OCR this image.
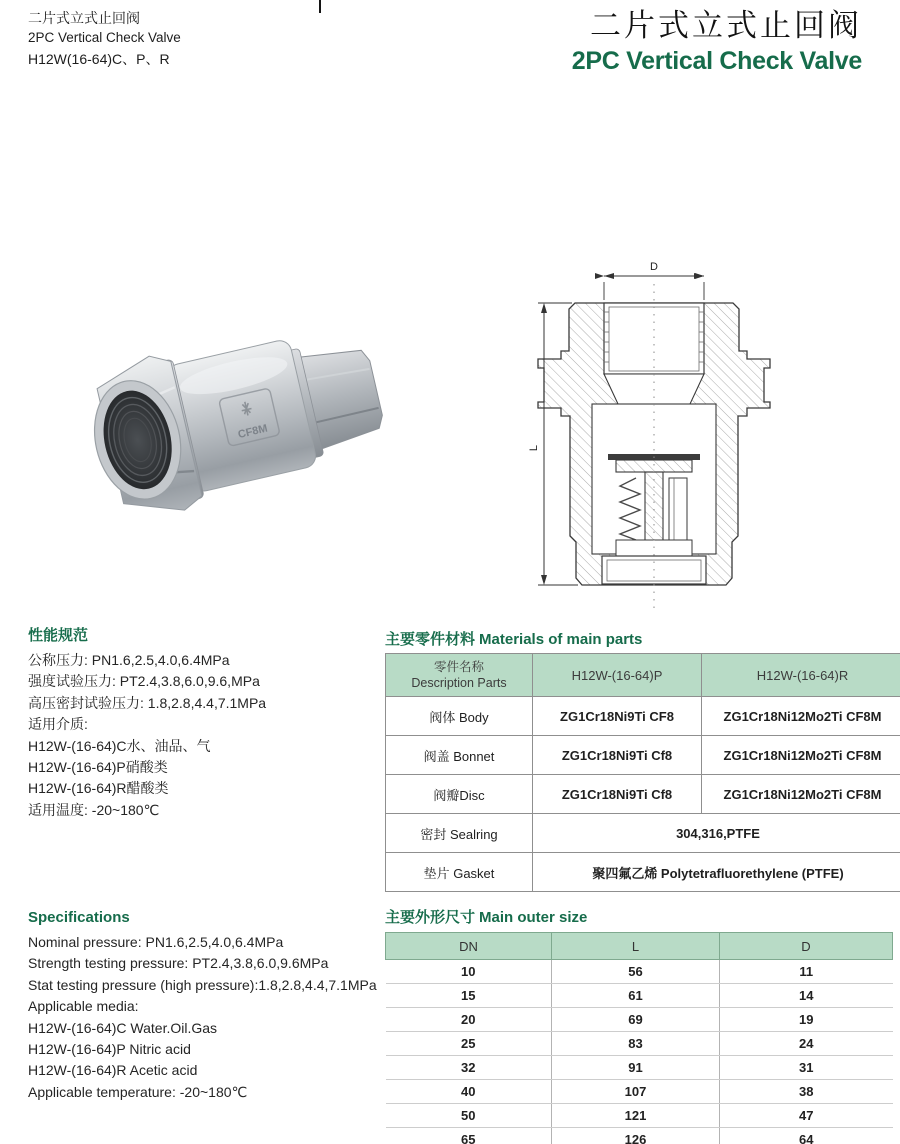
二片式立式止回阀
2PC Vertical Check Valve
H12W(16-64)C、P、R
二片式立式止回阀
2PC Vertical Check Valve
CF8M
D
L
性能规范
公称压力: PN1.6,2.5,4.0,6.4MPa
强度试验压力: PT2.4,3.8,6.0,9.6,MPa
高压密封试验压力: 1.8,2.8,4.4,7.1MPa
适用介质:
H12W-(16-64)C水、油品、气
H12W-(16-64)P硝酸类
H12W-(16-64)R醋酸类
适用温度: -20~180℃
主要零件材料 Materials of main parts
零件名称
Description Parts	H12W-(16-64)P	H12W-(16-64)R
阀体 Body	ZG1Cr18Ni9Ti CF8	ZG1Cr18Ni12Mo2Ti CF8M
阀盖 Bonnet	ZG1Cr18Ni9Ti Cf8	ZG1Cr18Ni12Mo2Ti CF8M
阀瓣Disc	ZG1Cr18Ni9Ti Cf8	ZG1Cr18Ni12Mo2Ti CF8M
密封 Sealring	304,316,PTFE	
垫片 Gasket	聚四氟乙烯 Polytetrafluorethylene (PTFE)	
Specifications
Nominal pressure: PN1.6,2.5,4.0,6.4MPa
Strength testing pressure: PT2.4,3.8,6.0,9.6MPa
Stat testing pressure (high pressure):1.8,2.8,4.4,7.1MPa
Applicable media:
H12W-(16-64)C Water.Oil.Gas
H12W-(16-64)P Nitric acid
H12W-(16-64)R Acetic acid
Applicable temperature: -20~180℃
主要外形尺寸 Main outer size
DN	L	D
10	56	11
15	61	14
20	69	19
25	83	24
32	91	31
40	107	38
50	121	47
65	126	64
